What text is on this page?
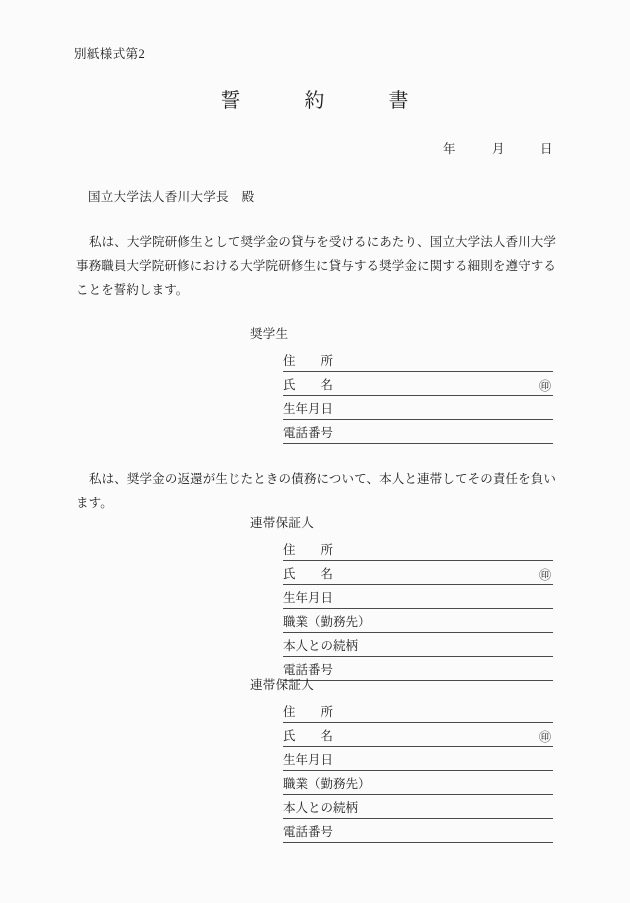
別紙様式第2
誓　　　約　　　書

年

	月

	日

国立大学法人香川大学長　殿
私は、大学院研修生として奨学金の貸与を受けるにあたり、国立大学法人香川大学事務職員大学院研修における大学院研修生に貸与する奨学金に関する細則を遵守することを誓約します。
私は、奨学金の返還が生じたときの債務について、本人と連帯してその責任を負います。
奨学生
住　　所
氏　　名	㊞
生年月日
電話番号
連帯保証人
住　　所
氏　　名	㊞
生年月日
職業（勤務先）
本人との続柄
電話番号
連帯保証人
住　　所
氏　　名	㊞
生年月日
職業（勤務先）
本人との続柄
電話番号
